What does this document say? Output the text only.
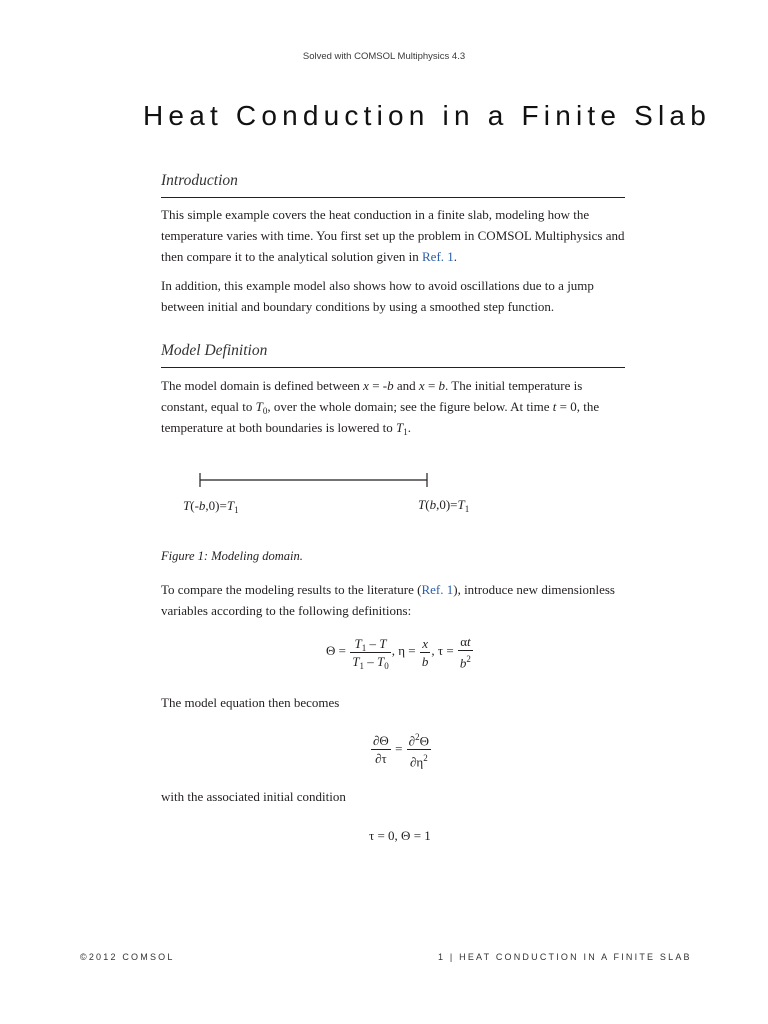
Solved with COMSOL Multiphysics 4.3
Heat Conduction in a Finite Slab
Introduction

This simple example covers the heat conduction in a finite slab, modeling how the temperature varies with time. You first set up the problem in COMSOL Multiphysics and then compare it to the analytical solution given in Ref. 1.

In addition, this example model also shows how to avoid oscillations due to a jump between initial and boundary conditions by using a smoothed step function.

Model Definition

The model domain is defined between x = -b and x = b. The initial temperature is constant, equal to $T_0$, over the whole domain; see the figure below. At time t = 0, the temperature at both boundaries is lowered to $T_1$.

$T(-b,0)=T_1$	$T(b,0)=T_1$
Figure 1: Modeling domain.

To compare the modeling results to the literature (Ref. 1), introduce new dimensionless variables according to the following definitions:

$\Theta = \frac{T_1 - T}{T_1 - T_0}$ , $\eta = \frac{x}{b}$ , $\tau = \frac{\alpha t}{b^2}$
The model equation then becomes
$\frac{\partial\Theta}{\partial\tau} = \frac{\partial^2\Theta}{\partial\eta^2}$
with the associated initial condition
τ = 0, Θ = 1
©2012 COMSOL	1 | HEAT CONDUCTION IN A FINITE SLAB
